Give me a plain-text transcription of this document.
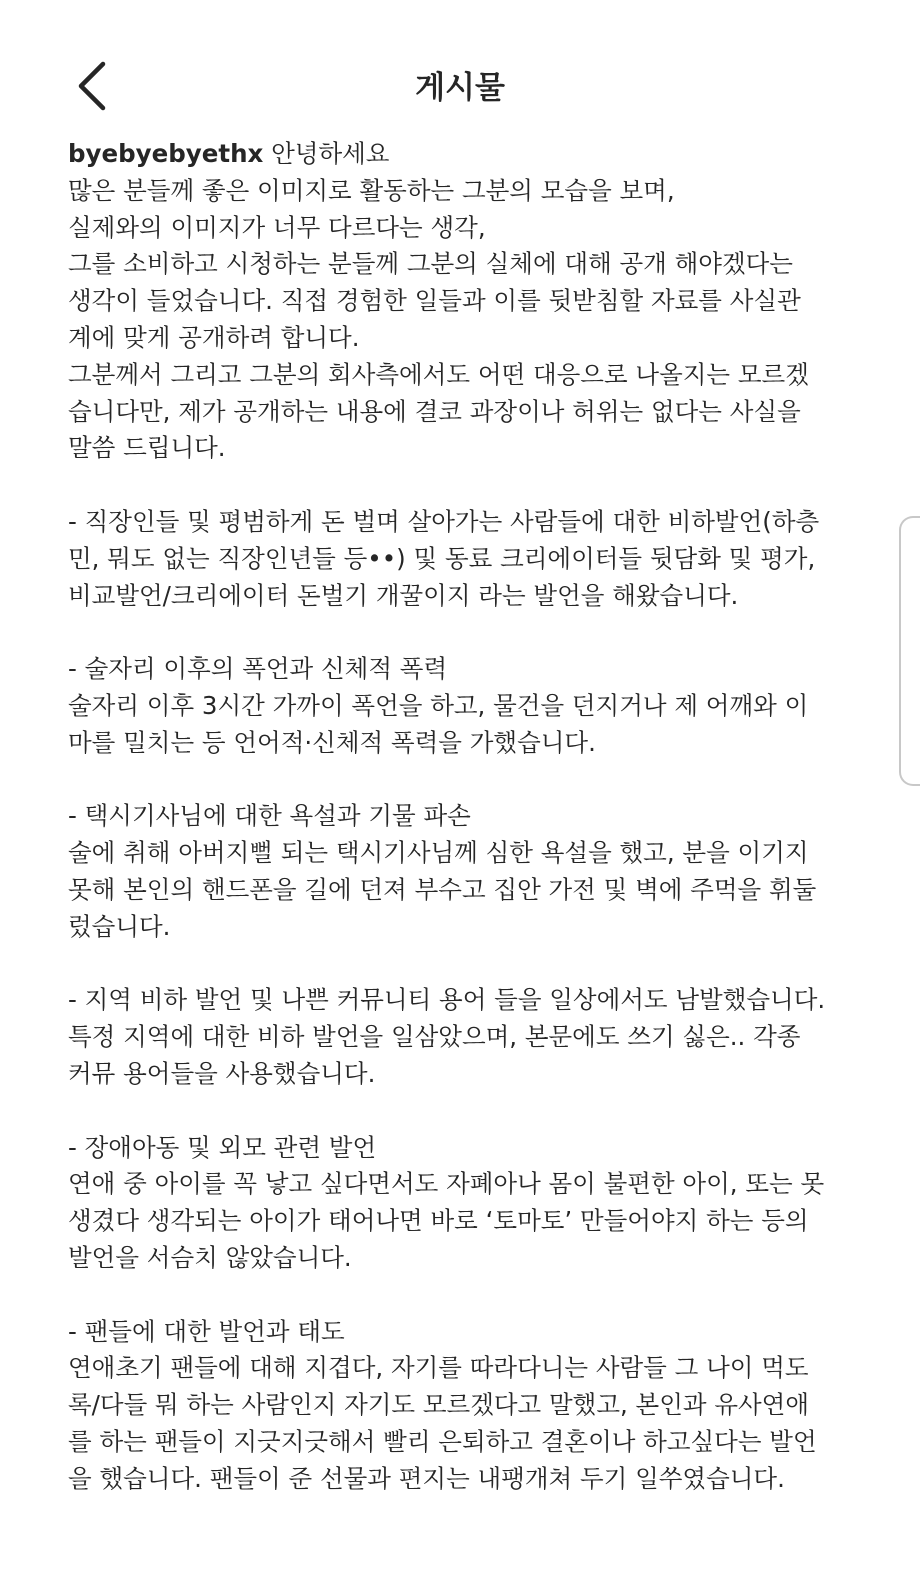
게시물
byebyebyethx 안녕하세요
많은 분들께 좋은 이미지로 활동하는 그분의 모습을 보며,
실제와의 이미지가 너무 다르다는 생각,
그를 소비하고 시청하는 분들께 그분의 실체에 대해 공개 해야겠다는
생각이 들었습니다. 직접 경험한 일들과 이를 뒷받침할 자료를 사실관
계에 맞게 공개하려 합니다.
그분께서 그리고 그분의 회사측에서도 어떤 대응으로 나올지는 모르겠
습니다만, 제가 공개하는 내용에 결코 과장이나 허위는 없다는 사실을
말씀 드립니다.
- 직장인들 및 평범하게 돈 벌며 살아가는 사람들에 대한 비하발언(하층
민, 뭐도 없는 직장인년들 등••) 및 동료 크리에이터들 뒷담화 및 평가,
비교발언/크리에이터 돈벌기 개꿀이지 라는 발언을 해왔습니다.
- 술자리 이후의 폭언과 신체적 폭력
술자리 이후 3시간 가까이 폭언을 하고, 물건을 던지거나 제 어깨와 이
마를 밀치는 등 언어적·신체적 폭력을 가했습니다.
- 택시기사님에 대한 욕설과 기물 파손
술에 취해 아버지뻘 되는 택시기사님께 심한 욕설을 했고, 분을 이기지
못해 본인의 핸드폰을 길에 던져 부수고 집안 가전 및 벽에 주먹을 휘둘
렀습니다.
- 지역 비하 발언 및 나쁜 커뮤니티 용어 들을 일상에서도 남발했습니다.
특정 지역에 대한 비하 발언을 일삼았으며, 본문에도 쓰기 싫은.. 각종
커뮤 용어들을 사용했습니다.
- 장애아동 및 외모 관련 발언
연애 중 아이를 꼭 낳고 싶다면서도 자폐아나 몸이 불편한 아이, 또는 못
생겼다 생각되는 아이가 태어나면 바로 ‘토마토’ 만들어야지 하는 등의
발언을 서슴치 않았습니다.
- 팬들에 대한 발언과 태도
연애초기 팬들에 대해 지겹다, 자기를 따라다니는 사람들 그 나이 먹도
록/다들 뭐 하는 사람인지 자기도 모르겠다고 말했고, 본인과 유사연애
를 하는 팬들이 지긋지긋해서 빨리 은퇴하고 결혼이나 하고싶다는 발언
을 했습니다. 팬들이 준 선물과 편지는 내팽개쳐 두기 일쑤였습니다.
